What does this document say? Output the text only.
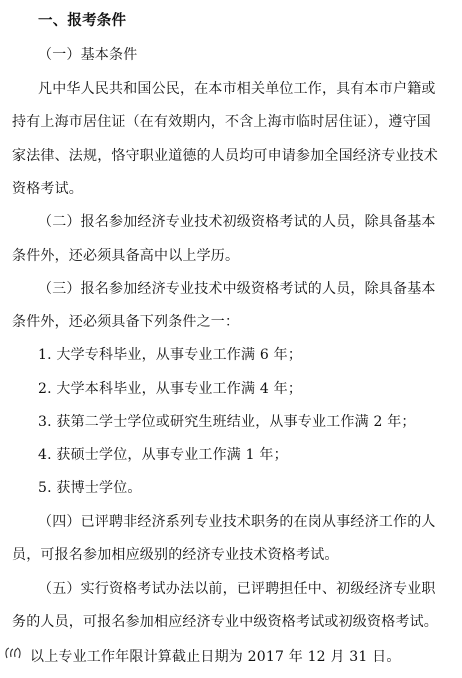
一、报考条件
（一）基本条件
凡中华人民共和国公民，在本市相关单位工作，具有本市户籍或
持有上海市居住证（在有效期内，不含上海市临时居住证），遵守国
家法律、法规，恪守职业道德的人员均可申请参加全国经济专业技术
资格考试。
（二）报名参加经济专业技术初级资格考试的人员，除具备基本
条件外，还必须具备高中以上学历。
（三）报名参加经济专业技术中级资格考试的人员，除具备基本
条件外，还必须具备下列条件之一：
1. 大学专科毕业，从事专业工作满 6 年；
2. 大学本科毕业，从事专业工作满 4 年；
3. 获第二学士学位或研究生班结业，从事专业工作满 2 年；
4. 获硕士学位，从事专业工作满 1 年；
5. 获博士学位。
（四）已评聘非经济系列专业技术职务的在岗从事经济工作的人
员，可报名参加相应级别的经济专业技术资格考试。
（五）实行资格考试办法以前，已评聘担任中、初级经济专业职
务的人员，可报名参加相应经济专业中级资格考试或初级资格考试。
以上专业工作年限计算截止日期为 2017 年 12 月 31 日。
